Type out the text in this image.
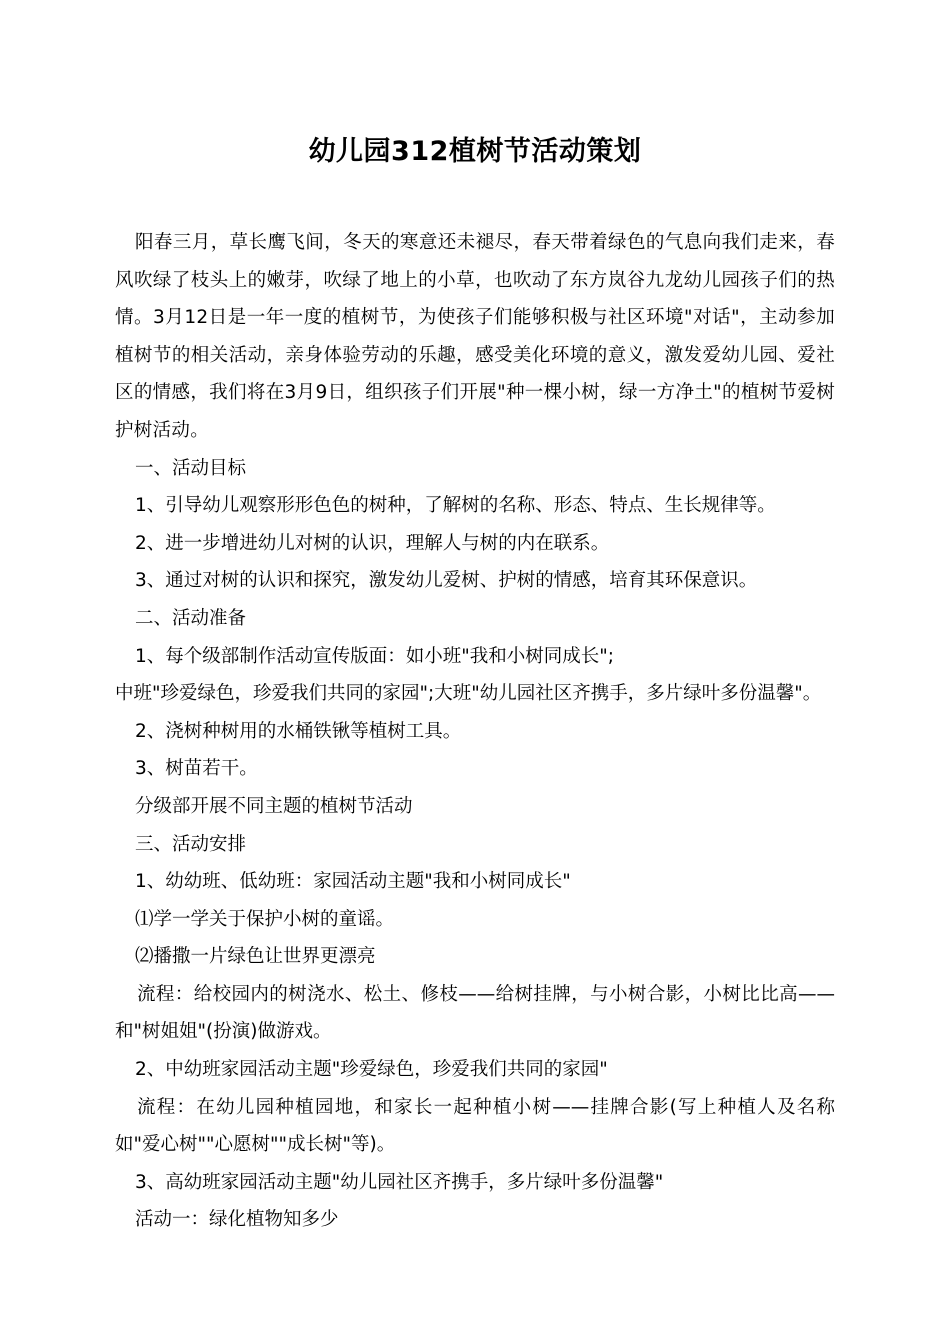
幼儿园312植树节活动策划

阳春三月，草长鹰飞间，冬天的寒意还未褪尽，春天带着绿色的气息向我们走来，春风吹绿了枝头上的嫩芽，吹绿了地上的小草，也吹动了东方岚谷九龙幼儿园孩子们的热情。3月12日是一年一度的植树节，为使孩子们能够积极与社区环境"对话"，主动参加植树节的相关活动，亲身体验劳动的乐趣，感受美化环境的意义，激发爱幼儿园、爱社区的情感，我们将在3月9日，组织孩子们开展"种一棵小树，绿一方净土"的植树节爱树护树活动。

一、活动目标

1、引导幼儿观察形形色色的树种，了解树的名称、形态、特点、生长规律等。

2、进一步增进幼儿对树的认识，理解人与树的内在联系。

3、通过对树的认识和探究，激发幼儿爱树、护树的情感，培育其环保意识。

二、活动准备

1、每个级部制作活动宣传版面：如小班"我和小树同成长";

中班"珍爱绿色，珍爱我们共同的家园";大班"幼儿园社区齐携手，多片绿叶多份温馨"。

2、浇树种树用的水桶铁锹等植树工具。

3、树苗若干。

分级部开展不同主题的植树节活动

三、活动安排

1、幼幼班、低幼班：家园活动主题"我和小树同成长"

⑴学一学关于保护小树的童谣。

⑵播撒一片绿色让世界更漂亮

流程：给校园内的树浇水、松土、修枝——给树挂牌，与小树合影，小树比比高——和"树姐姐"(扮演)做游戏。

2、中幼班家园活动主题"珍爱绿色，珍爱我们共同的家园"

流程：在幼儿园种植园地，和家长一起种植小树——挂牌合影(写上种植人及名称如"爱心树""心愿树""成长树"等)。

3、高幼班家园活动主题"幼儿园社区齐携手，多片绿叶多份温馨"

活动一：绿化植物知多少
